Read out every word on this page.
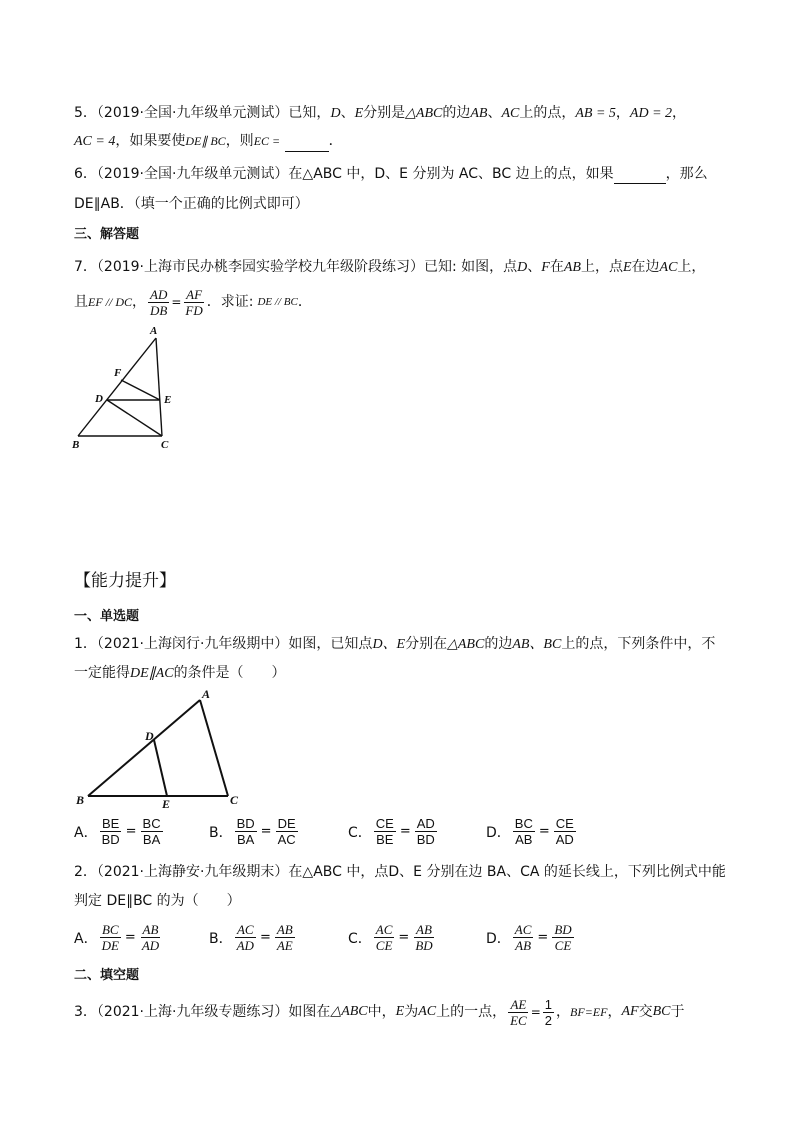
5．（2019·全国·九年级单元测试）已知，D、E分别是△ABC的边AB、AC上的点，AB = 5，AD = 2，
AC = 4，如果要使DE∥ BC，则EC =	．
6．（2019·全国·九年级单元测试）在△ABC 中，D、E 分别为 AC、BC 边上的点，如果	，那么
DE∥AB．（填一个正确的比例式即可）
三、解答题
7．（2019·上海市民办桃李园实验学校九年级阶段练习）已知: 如图，点D、F在AB上，点E在边AC上，
且 EF // DC ， $\frac{AD}{DB} = \frac{AF}{FD}$ ．求证: DE // BC ．
A
F
D	E
B	C
【能力提升】
一、单选题
1．（2021·上海闵行·九年级期中）如图，已知点D、E分别在△ABC的边AB、BC上的点，下列条件中，不
一定能得DE∥AC的条件是（　　）
A
D
B	E	C
A． $\frac{BE}{BD} = \frac{BC}{BA}$	B． $\frac{BD}{BA} = \frac{DE}{AC}$	C． $\frac{CE}{BE} = \frac{AD}{BD}$	D． $\frac{BC}{AB} = \frac{CE}{AD}$
2．（2021·上海静安·九年级期末）在△ABC 中，点D、E 分别在边 BA、CA 的延长线上，下列比例式中能
判定 DE∥BC 的为（　　）
A． $\frac{BC}{DE} = \frac{AB}{AD}$	B． $\frac{AC}{AD} = \frac{AB}{AE}$	C． $\frac{AC}{CE} = \frac{AB}{BD}$	D． $\frac{AC}{AB} = \frac{BD}{CE}$
二、填空题
3．（2021·上海·九年级专题练习）如图在 △ABC 中， E 为 AC 上的一点， $\frac{AE}{EC} = \frac{1}{2}$ ， BF=EF ， AF 交 BC 于
